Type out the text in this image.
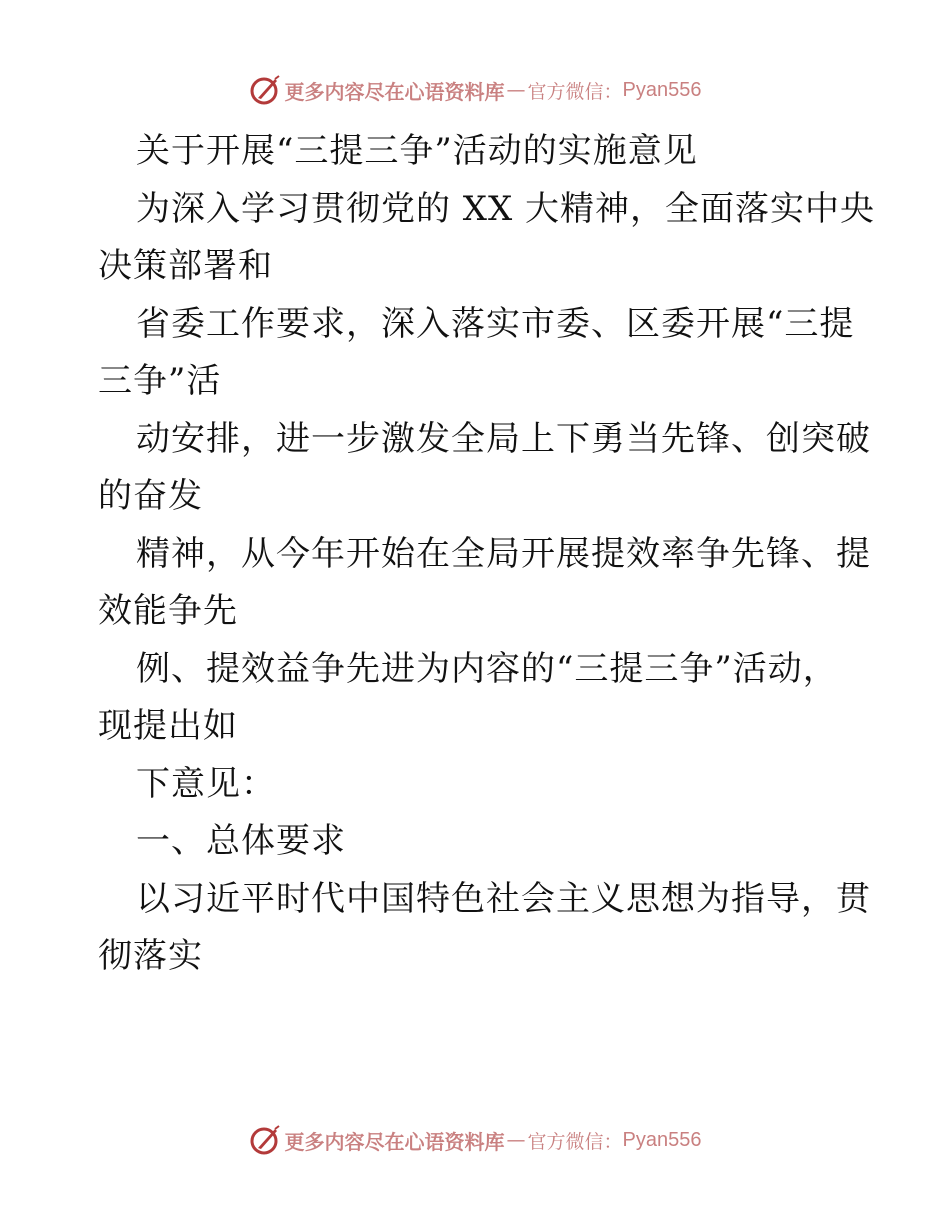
更多内容尽在心语资料库 — 官方微信： Pyan556
关于开展“三提三争”活动的实施意见
为深入学习贯彻党的 XX 大精神，全面落实中央
决策部署和
省委工作要求，深入落实市委、区委开展“三提
三争”活
动安排，进一步激发全局上下勇当先锋、创突破
的奋发
精神，从今年开始在全局开展提效率争先锋、提
效能争先
例、提效益争先进为内容的“三提三争”活动，
现提出如
下意见：
一、总体要求
以习近平时代中国特色社会主义思想为指导，贯
彻落实
更多内容尽在心语资料库 — 官方微信： Pyan556
